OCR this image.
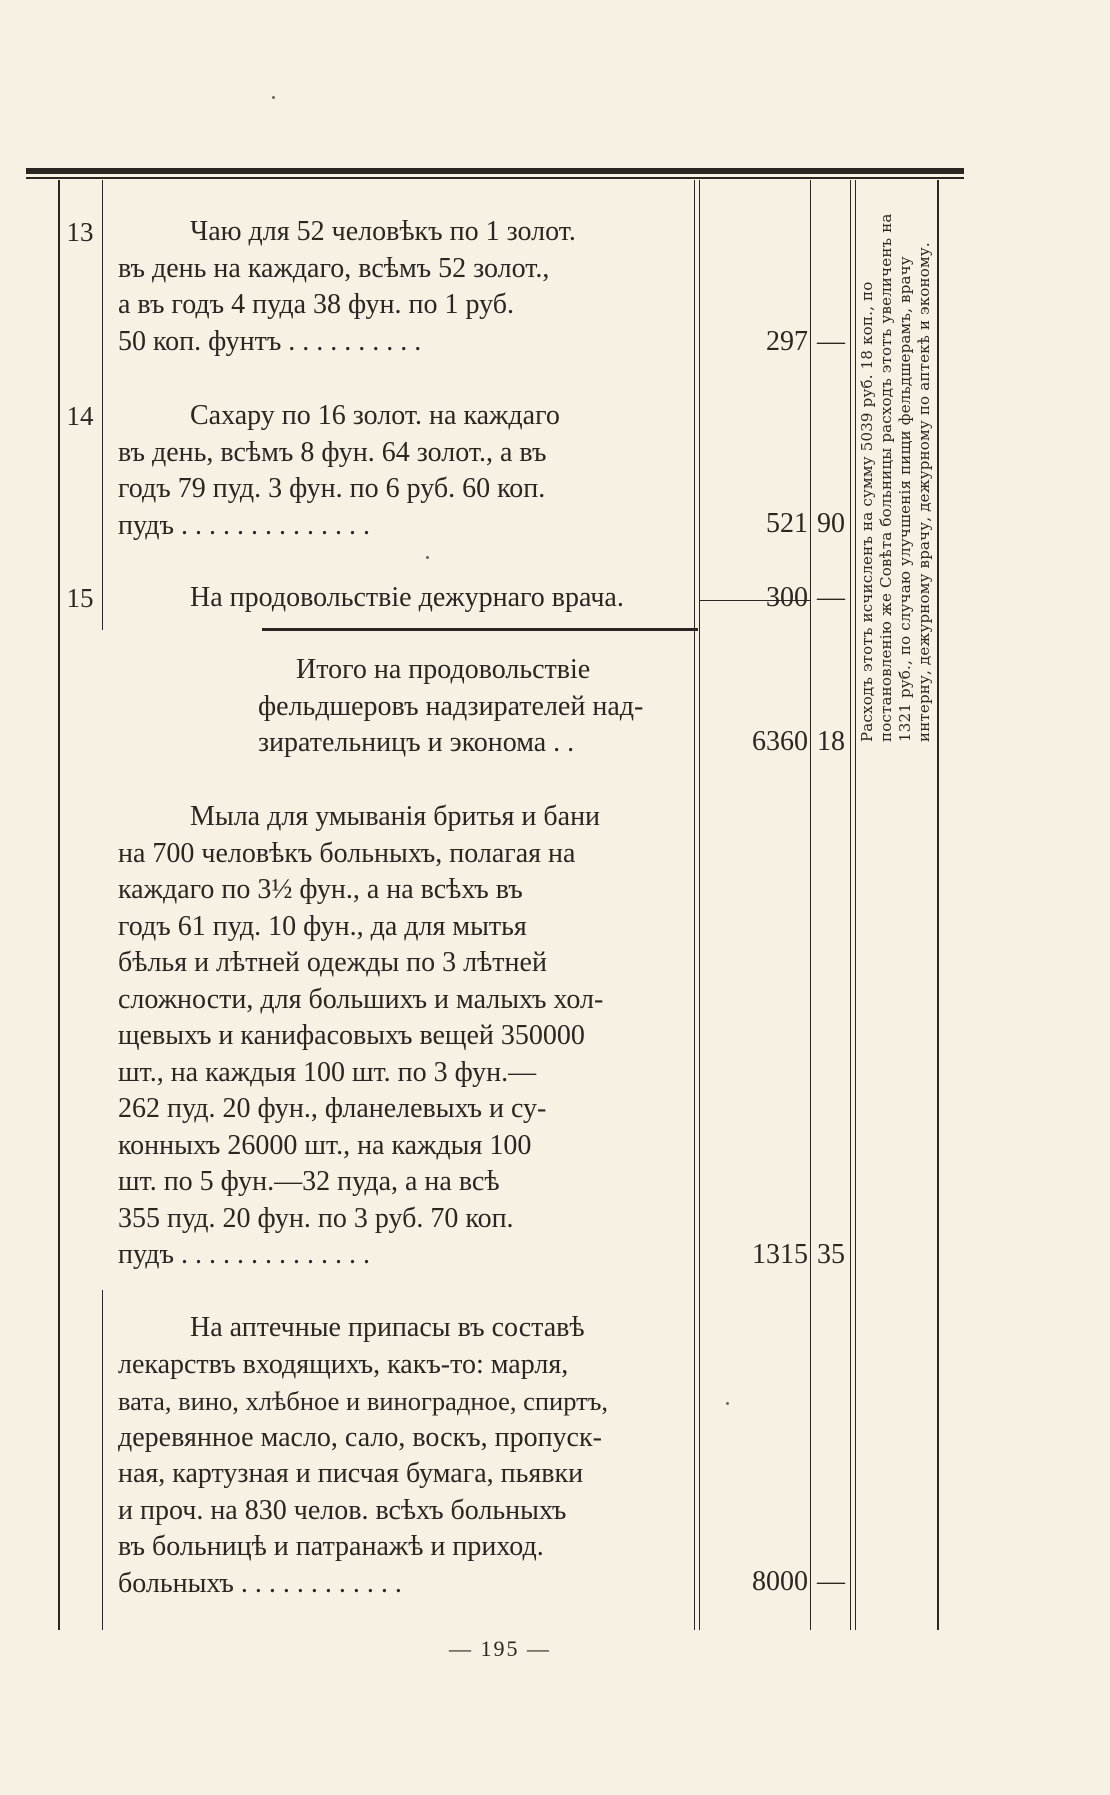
13	Чаю для 52 человѣкъ по 1 золот.
въ день на каждаго, всѣмъ 52 золот.,
а въ годъ 4 пуда 38 фун. по 1 руб.
50 коп. фунтъ . . . . . . . . . .	297 —
14	Сахару по 16 золот. на каждаго
въ день, всѣмъ 8 фун. 64 золот., а въ
годъ 79 пуд. 3 фун. по 6 руб. 60 коп.
пудъ . . . . . . . . . . . . . .	521 90
15	На продовольствіе дежурнаго врача.	300 —
Итого на продовольствіе
фельдшеровъ надзирателей над-
зирательницъ и эконома . .	6360 18
Мыла для умыванія бритья и бани
на 700 человѣкъ больныхъ, полагая на
каждаго по 3½ фун., а на всѣхъ въ
годъ 61 пуд. 10 фун., да для мытья
бѣлья и лѣтней одежды по 3 лѣтней
сложности, для большихъ и малыхъ хол-
щевыхъ и канифасовыхъ вещей 350000
шт., на каждыя 100 шт. по 3 фун.—
262 пуд. 20 фун., фланелевыхъ и су-
конныхъ 26000 шт., на каждыя 100
шт. по 5 фун.—32 пуда, а на всѣ
355 пуд. 20 фун. по 3 руб. 70 коп.
пудъ . . . . . . . . . . . . . .	1315 35
На аптечные припасы въ составѣ
лекарствъ входящихъ, какъ-то: марля,
вата, вино, хлѣбное и виноградное, спиртъ,
деревянное масло, сало, воскъ, пропуск-
ная, картузная и писчая бумага, пьявки
и проч. на 830 челов. всѣхъ больныхъ
въ больницѣ и патранажѣ и приход.
больныхъ . . . . . . . . . . . .	8000 —
Расходъ этотъ исчисленъ на сумму 5039 руб. 18 коп., по постановленію же Совѣта больницы расходъ этотъ увеличенъ на 1321 руб., по случаю улучшенія пищи фельдшерамъ, врачу интерну, дежурному врачу, дежурному по аптекѣ и эконому.
— 195 —
